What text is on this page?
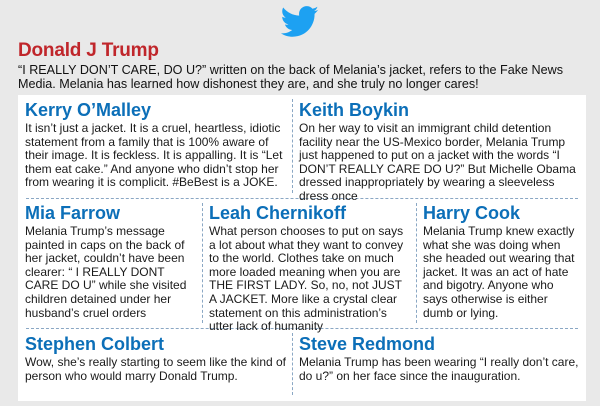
Donald J Trump

“I REALLY DON’T CARE, DO U?” written on the back of Melania’s jacket, refers to the Fake News Media. Melania has learned how dishonest they are, and she truly no longer cares!

Kerry O’Malley

It isn’t just a jacket. It is a cruel, heartless, idiotic statement from a family that is 100% aware of their image. It is feckless. It is appalling. It is “Let them eat cake.” And anyone who didn’t stop her from wearing it is complicit. #BeBest is a JOKE.

Keith Boykin

On her way to visit an immigrant child detention facility near the US-Mexico border, Melania Trump just happened to put on a jacket with the words “I DON’T REALLY CARE DO U?” But Michelle Obama dressed inappropriately by wearing a sleeveless dress once

Mia Farrow

Melania Trump’s message painted in caps on the back of her jacket, couldn’t have been clearer: “ I REALLY DONT CARE DO U” while she visited children detained under her husband’s cruel orders

Leah Chernikoff

What person chooses to put on says a lot about what they want to convey to the world. Clothes take on much more loaded meaning when you are THE FIRST LADY. So, no, not JUST A JACKET. More like a crystal clear statement on this administration’s utter lack of humanity

Harry Cook

Melania Trump knew exactly what she was doing when she headed out wearing that jacket. It was an act of hate and bigotry. Anyone who says otherwise is either dumb or lying.

Stephen Colbert

Wow, she’s really starting to seem like the kind of person who would marry Donald Trump.

Steve Redmond

Melania Trump has been wearing “I really don’t care, do u?” on her face since the inauguration.
